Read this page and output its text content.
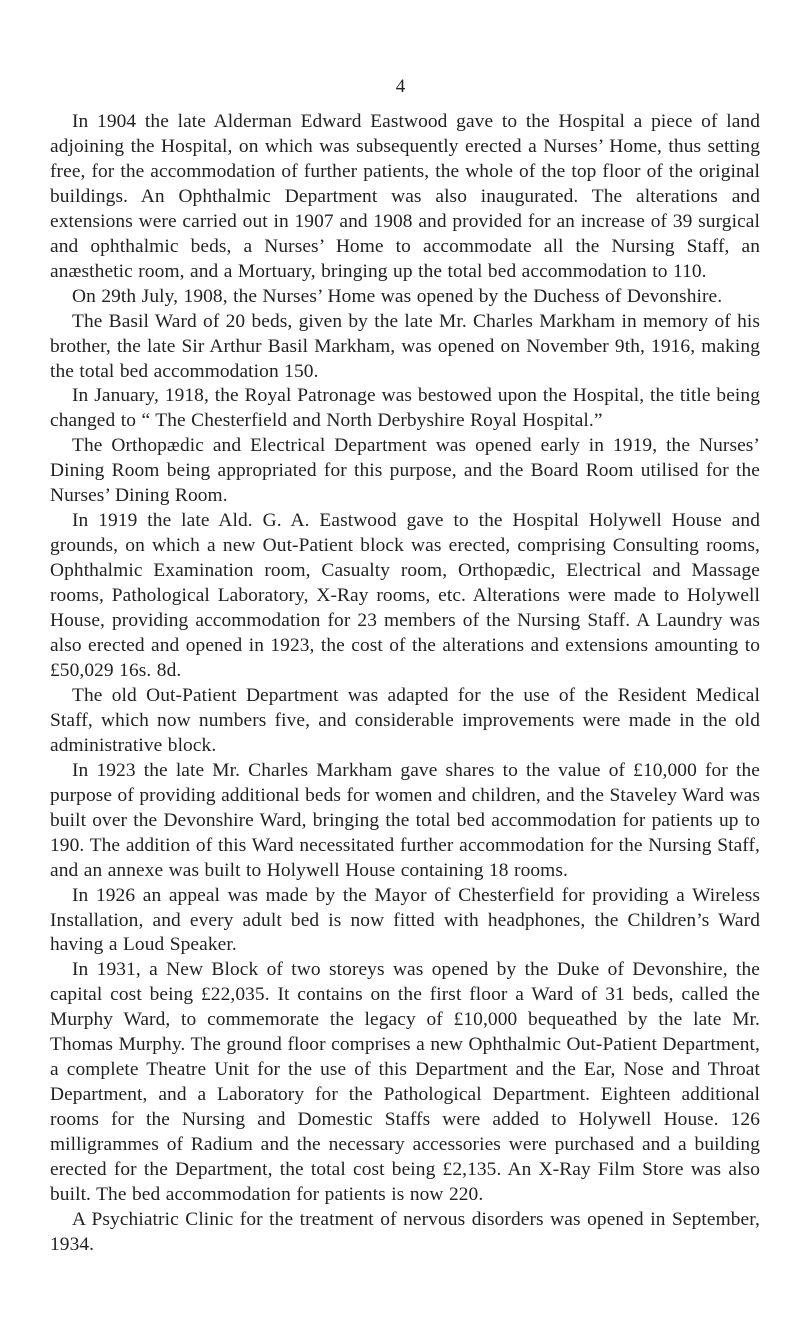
4

In 1904 the late Alderman Edward Eastwood gave to the Hospital a piece of land adjoining the Hospital, on which was subsequently erected a Nurses’ Home, thus setting free, for the accommodation of further patients, the whole of the top floor of the original buildings. An Ophthalmic Department was also inaugurated. The alterations and extensions were carried out in 1907 and 1908 and provided for an increase of 39 surgical and ophthalmic beds, a Nurses’ Home to accommodate all the Nursing Staff, an anæsthetic room, and a Mortuary, bringing up the total bed accommodation to 110.

On 29th July, 1908, the Nurses’ Home was opened by the Duchess of Devonshire.

The Basil Ward of 20 beds, given by the late Mr. Charles Markham in memory of his brother, the late Sir Arthur Basil Markham, was opened on November 9th, 1916, making the total bed accommodation 150.

In January, 1918, the Royal Patronage was bestowed upon the Hospital, the title being changed to “ The Chesterfield and North Derbyshire Royal Hospital.”

The Orthopædic and Electrical Department was opened early in 1919, the Nurses’ Dining Room being appropriated for this purpose, and the Board Room utilised for the Nurses’ Dining Room.

In 1919 the late Ald. G. A. Eastwood gave to the Hospital Holywell House and grounds, on which a new Out-Patient block was erected, comprising Consulting rooms, Ophthalmic Examination room, Casualty room, Orthopædic, Electrical and Massage rooms, Pathological Laboratory, X-Ray rooms, etc. Alterations were made to Holywell House, providing accommodation for 23 members of the Nursing Staff. A Laundry was also erected and opened in 1923, the cost of the alterations and extensions amounting to £50,029 16s. 8d.

The old Out-Patient Department was adapted for the use of the Resident Medical Staff, which now numbers five, and considerable improvements were made in the old administrative block.

In 1923 the late Mr. Charles Markham gave shares to the value of £10,000 for the purpose of providing additional beds for women and children, and the Staveley Ward was built over the Devonshire Ward, bringing the total bed accommodation for patients up to 190. The addition of this Ward necessitated further accommodation for the Nursing Staff, and an annexe was built to Holywell House containing 18 rooms.

In 1926 an appeal was made by the Mayor of Chesterfield for providing a Wireless Installation, and every adult bed is now fitted with headphones, the Children’s Ward having a Loud Speaker.

In 1931, a New Block of two storeys was opened by the Duke of Devonshire, the capital cost being £22,035. It contains on the first floor a Ward of 31 beds, called the Murphy Ward, to commemorate the legacy of £10,000 bequeathed by the late Mr. Thomas Murphy. The ground floor comprises a new Ophthalmic Out-Patient Department, a complete Theatre Unit for the use of this Department and the Ear, Nose and Throat Department, and a Laboratory for the Pathological Department. Eighteen additional rooms for the Nursing and Domestic Staffs were added to Holywell House. 126 milligrammes of Radium and the necessary accessories were purchased and a building erected for the Department, the total cost being £2,135. An X-Ray Film Store was also built. The bed accommodation for patients is now 220.

A Psychiatric Clinic for the treatment of nervous disorders was opened in September, 1934.
